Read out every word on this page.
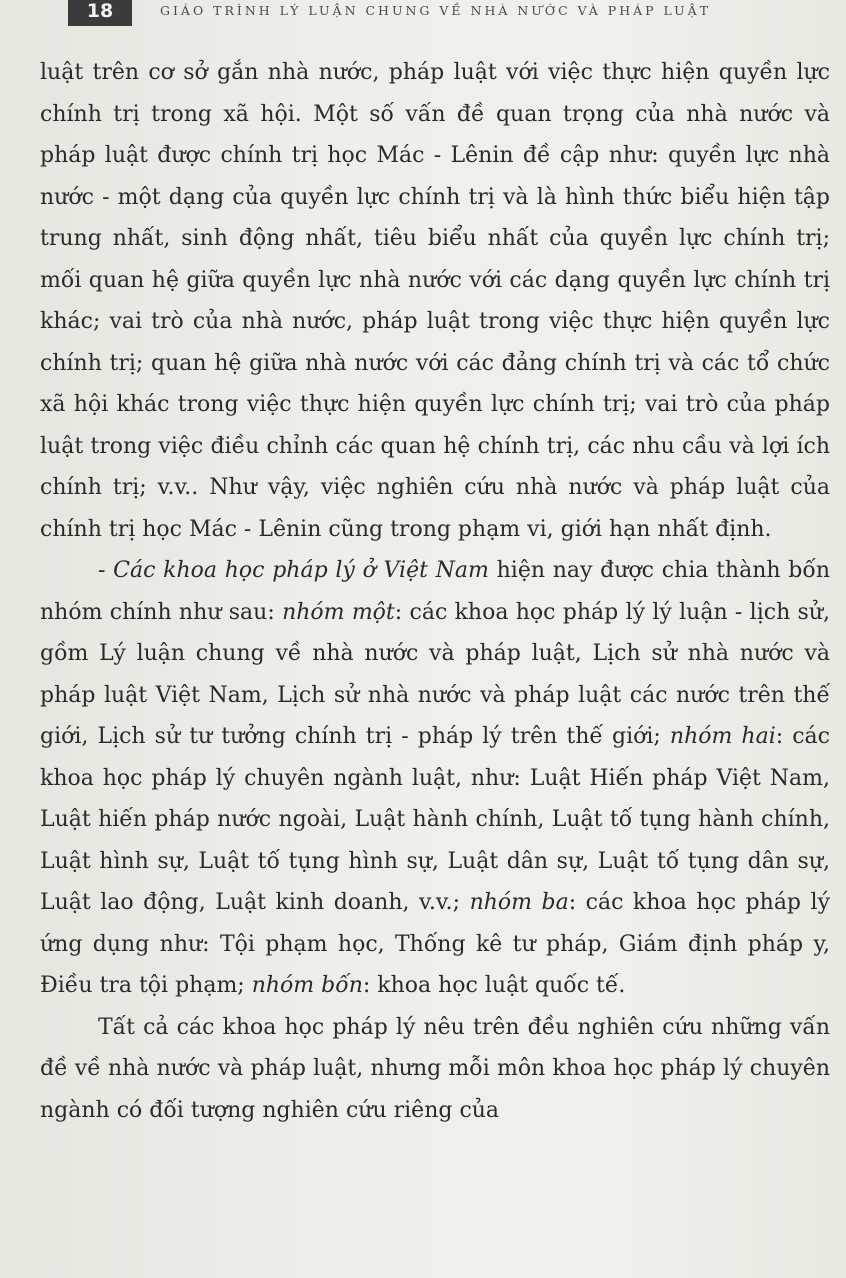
18	GIÁO TRÌNH LÝ LUẬN CHUNG VỀ NHÀ NƯỚC VÀ PHÁP LUẬT

luật trên cơ sở gắn nhà nước, pháp luật với việc thực hiện quyền lực chính trị trong xã hội. Một số vấn đề quan trọng của nhà nước và pháp luật được chính trị học Mác - Lênin đề cập như: quyền lực nhà nước - một dạng của quyền lực chính trị và là hình thức biểu hiện tập trung nhất, sinh động nhất, tiêu biểu nhất của quyền lực chính trị; mối quan hệ giữa quyền lực nhà nước với các dạng quyền lực chính trị khác; vai trò của nhà nước, pháp luật trong việc thực hiện quyền lực chính trị; quan hệ giữa nhà nước với các đảng chính trị và các tổ chức xã hội khác trong việc thực hiện quyền lực chính trị; vai trò của pháp luật trong việc điều chỉnh các quan hệ chính trị, các nhu cầu và lợi ích chính trị; v.v.. Như vậy, việc nghiên cứu nhà nước và pháp luật của chính trị học Mác - Lênin cũng trong phạm vi, giới hạn nhất định.

- Các khoa học pháp lý ở Việt Nam hiện nay được chia thành bốn nhóm chính như sau: nhóm một: các khoa học pháp lý lý luận - lịch sử, gồm Lý luận chung về nhà nước và pháp luật, Lịch sử nhà nước và pháp luật Việt Nam, Lịch sử nhà nước và pháp luật các nước trên thế giới, Lịch sử tư tưởng chính trị - pháp lý trên thế giới; nhóm hai: các khoa học pháp lý chuyên ngành luật, như: Luật Hiến pháp Việt Nam, Luật hiến pháp nước ngoài, Luật hành chính, Luật tố tụng hành chính, Luật hình sự, Luật tố tụng hình sự, Luật dân sự, Luật tố tụng dân sự, Luật lao động, Luật kinh doanh, v.v.; nhóm ba: các khoa học pháp lý ứng dụng như: Tội phạm học, Thống kê tư pháp, Giám định pháp y, Điều tra tội phạm; nhóm bốn: khoa học luật quốc tế.

Tất cả các khoa học pháp lý nêu trên đều nghiên cứu những vấn đề về nhà nước và pháp luật, nhưng mỗi môn khoa học pháp lý chuyên ngành có đối tượng nghiên cứu riêng của
